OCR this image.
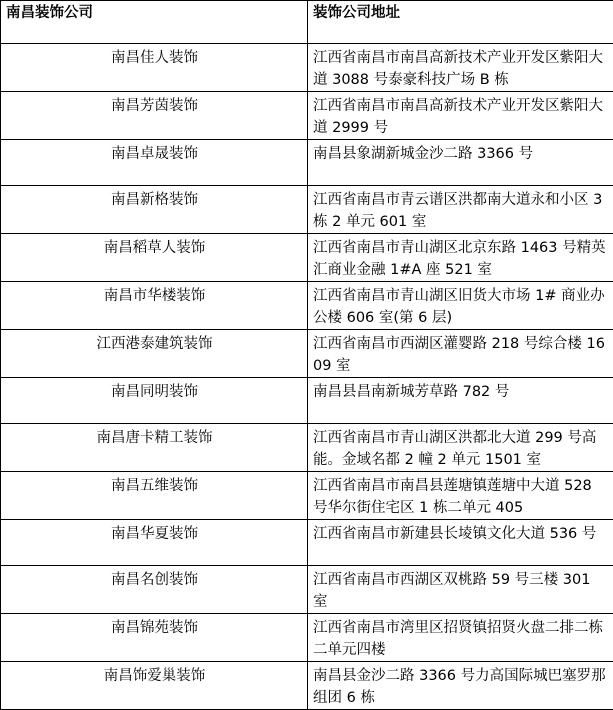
南昌装饰公司	装饰公司地址
南昌佳人装饰	江西省南昌市南昌高新技术产业开发区紫阳大道 3088 号泰豪科技广场 B 栋
南昌芳茵装饰	江西省南昌市南昌高新技术产业开发区紫阳大道 2999 号
南昌卓晟装饰	南昌县象湖新城金沙二路 3366 号
南昌新格装饰	江西省南昌市青云谱区洪都南大道永和小区 3 栋 2 单元 601 室
南昌稻草人装饰	江西省南昌市青山湖区北京东路 1463 号精英汇商业金融 1#A 座 521 室
南昌市华楼装饰	江西省南昌市青山湖区旧货大市场 1# 商业办公楼 606 室(第 6 层)
江西港泰建筑装饰	江西省南昌市西湖区灌婴路 218 号综合楼 1609 室
南昌同明装饰	南昌县昌南新城芳草路 782 号
南昌唐卡精工装饰	江西省南昌市青山湖区洪都北大道 299 号高能。金域名都 2 幢 2 单元 1501 室
南昌五维装饰	江西省南昌市南昌县莲塘镇莲塘中大道 528 号华尔街住宅区 1 栋二单元 405
南昌华夏装饰	江西省南昌市新建县长堎镇文化大道 536 号
南昌名创装饰	江西省南昌市西湖区双桃路 59 号三楼 301 室
南昌锦苑装饰	江西省南昌市湾里区招贤镇招贤火盘二排二栋二单元四楼
南昌饰爱巢装饰	南昌县金沙二路 3366 号力高国际城巴塞罗那组团 6 栋
